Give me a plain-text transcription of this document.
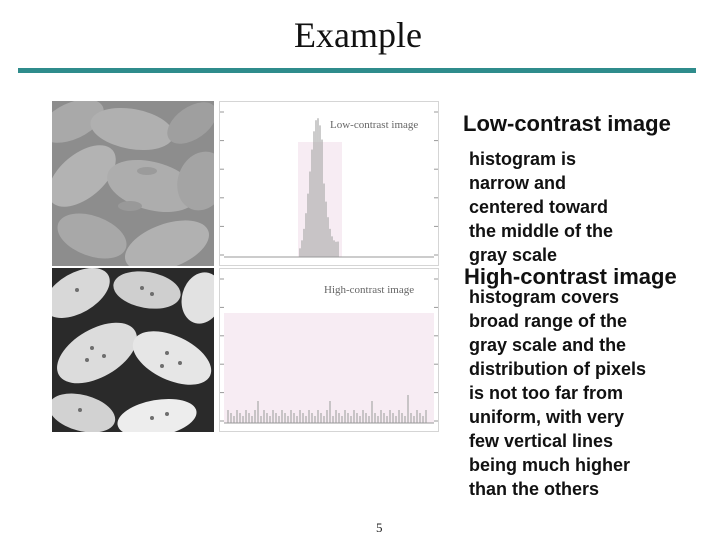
Example
Low-contrast image
High-contrast image
Low-contrast image
histogram is
narrow and
centered toward
the middle of the
gray scale
High-contrast image
histogram covers
broad range of the
gray scale and the
distribution of pixels
is not too far from
uniform, with very
few vertical lines
being much higher
than the others
5
